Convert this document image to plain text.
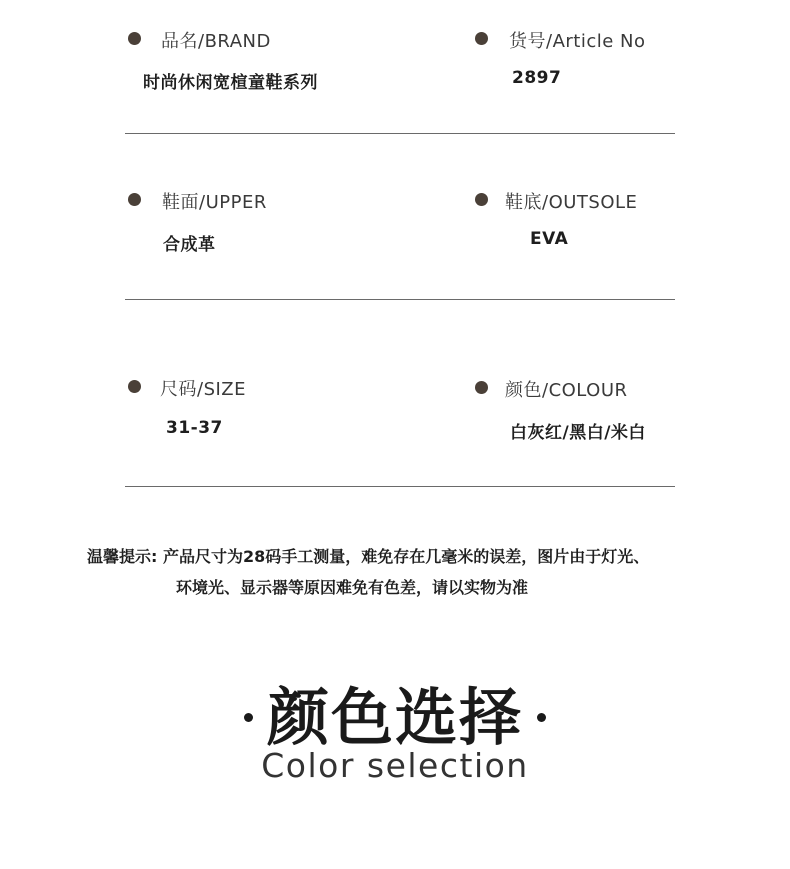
品名/BRAND
时尚休闲宽楦童鞋系列
货号/Article No
2897
鞋面/UPPER
合成革
鞋底/OUTSOLE
EVA
尺码/SIZE
31-37
颜色/COLOUR
白灰红/黑白/米白
温馨提示: 产品尺寸为28码手工测量，难免存在几毫米的误差，图片由于灯光、
环境光、显示器等原因难免有色差，请以实物为准
颜色选择
Color selection
